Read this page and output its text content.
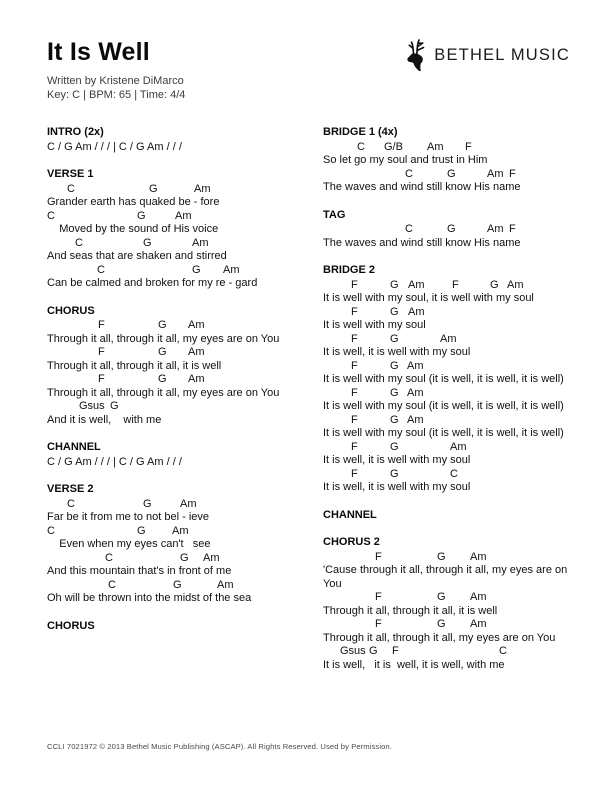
It Is Well
Written by Kristene DiMarco
Key: C | BPM: 65 | Time: 4/4
BETHEL MUSIC
INTRO (2x)
C / G Am / / / | C / G Am / / /
VERSE 1
C	G	Am
Grander earth has quaked be - fore
C	G	Am
Moved by the sound of His voice
C	G	Am
And seas that are shaken and stirred
C	G Am
Can be calmed and broken for my re - gard
CHORUS
F	G Am
Through it all, through it all, my eyes are on You
F	G Am
Through it all, through it all, it is well
F	G Am
Through it all, through it all, my eyes are on You
Gsus G
And it is well,    with me
CHANNEL
C / G Am / / / | C / G Am / / /
VERSE 2
C	G	Am
Far be it from me to not bel - ieve
C	G Am
Even when my eyes can't   see
C	G Am
And this mountain that's in front of me
C	G	Am
Oh will be thrown into the midst of the sea
CHORUS
BRIDGE 1 (4x)
C G/B Am F
So let go my soul and trust in Him
C	G	Am F
The waves and wind still know His name
TAG
C	G	Am F
The waves and wind still know His name
BRIDGE 2
F	G Am	F	G Am
It is well with my soul, it is well with my soul
F	G Am
It is well with my soul
F	G	Am
It is well, it is well with my soul
F	G Am
It is well with my soul (it is well, it is well, it is well)
F	G Am
It is well with my soul (it is well, it is well, it is well)
F	G Am
It is well with my soul (it is well, it is well, it is well)
F	G	Am
It is well, it is well with my soul
F	G	C
It is well, it is well with my soul
CHANNEL
CHORUS 2
F	G Am
'Cause through it all, through it all, my eyes are on You
F	G Am
Through it all, through it all, it is well
F	G Am
Through it all, through it all, my eyes are on You
Gsus G F	C
It is well,   it is  well, it is well, with me
CCLI 7021972 © 2013 Bethel Music Publishing (ASCAP). All Rights Reserved. Used by Permission.
